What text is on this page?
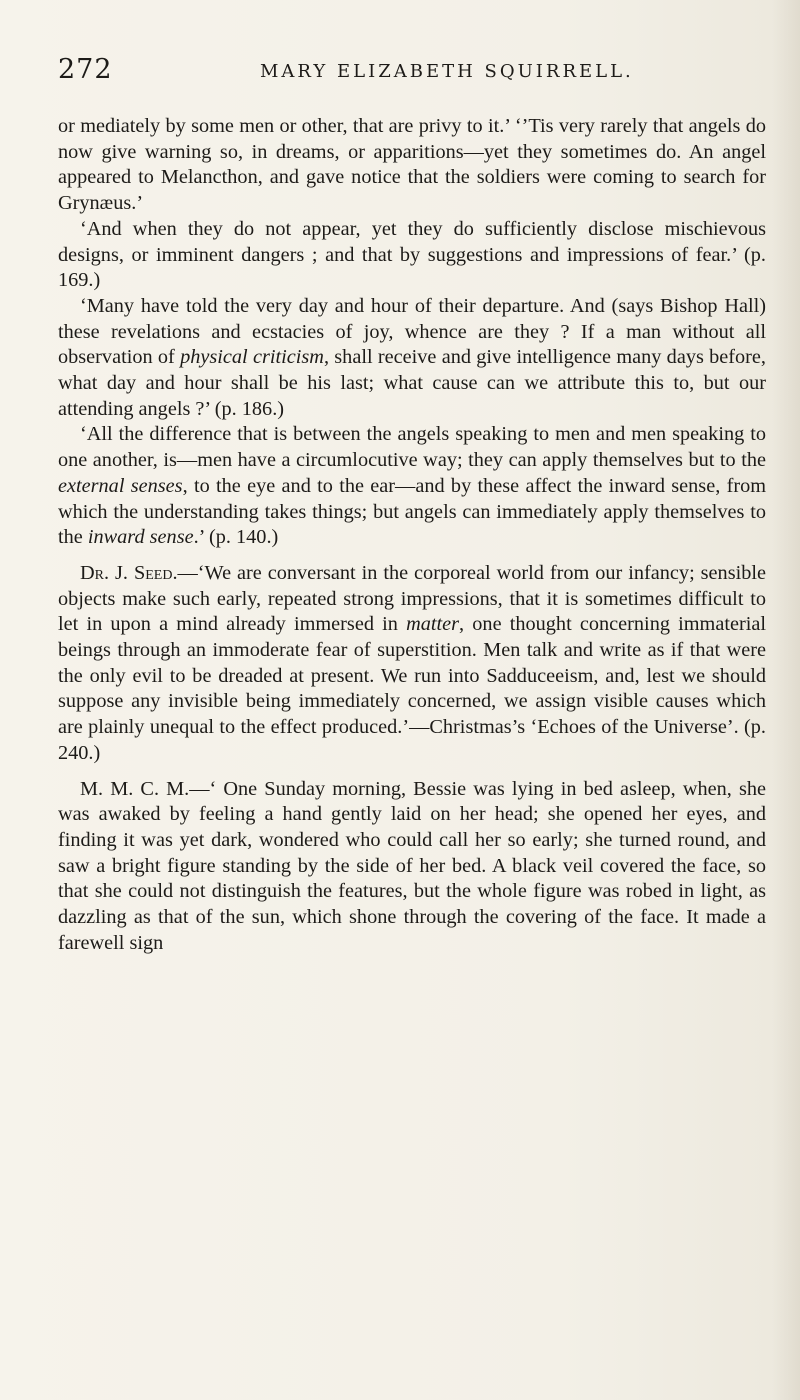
272	MARY ELIZABETH SQUIRRELL.

or mediately by some men or other, that are privy to it.’ ‘’Tis very rarely that angels do now give warning so, in dreams, or apparitions—yet they sometimes do. An angel appeared to Melancthon, and gave notice that the soldiers were coming to search for Grynæus.’

‘And when they do not appear, yet they do sufficiently disclose mischievous designs, or imminent dangers ; and that by suggestions and impressions of fear.’ (p. 169.)

‘Many have told the very day and hour of their departure. And (says Bishop Hall) these revelations and ecstacies of joy, whence are they ? If a man without all observation of physical criticism, shall receive and give intelligence many days before, what day and hour shall be his last; what cause can we attribute this to, but our attending angels ?’ (p. 186.)

‘All the difference that is between the angels speaking to men and men speaking to one another, is—men have a circumlocutive way; they can apply themselves but to the external senses, to the eye and to the ear—and by these affect the inward sense, from which the understanding takes things; but angels can immediately apply themselves to the inward sense.’ (p. 140.)

Dr. J. Seed.—‘We are conversant in the corporeal world from our infancy; sensible objects make such early, repeated strong impressions, that it is sometimes difficult to let in upon a mind already immersed in matter, one thought concerning immaterial beings through an immoderate fear of superstition. Men talk and write as if that were the only evil to be dreaded at present. We run into Sadduceeism, and, lest we should suppose any invisible being immediately concerned, we assign visible causes which are plainly unequal to the effect produced.’—Christmas’s ‘Echoes of the Universe’. (p. 240.)

M. M. C. M.—‘ One Sunday morning, Bessie was lying in bed asleep, when, she was awaked by feeling a hand gently laid on her head; she opened her eyes, and finding it was yet dark, wondered who could call her so early; she turned round, and saw a bright figure standing by the side of her bed. A black veil covered the face, so that she could not distinguish the features, but the whole figure was robed in light, as dazzling as that of the sun, which shone through the covering of the face. It made a farewell sign
